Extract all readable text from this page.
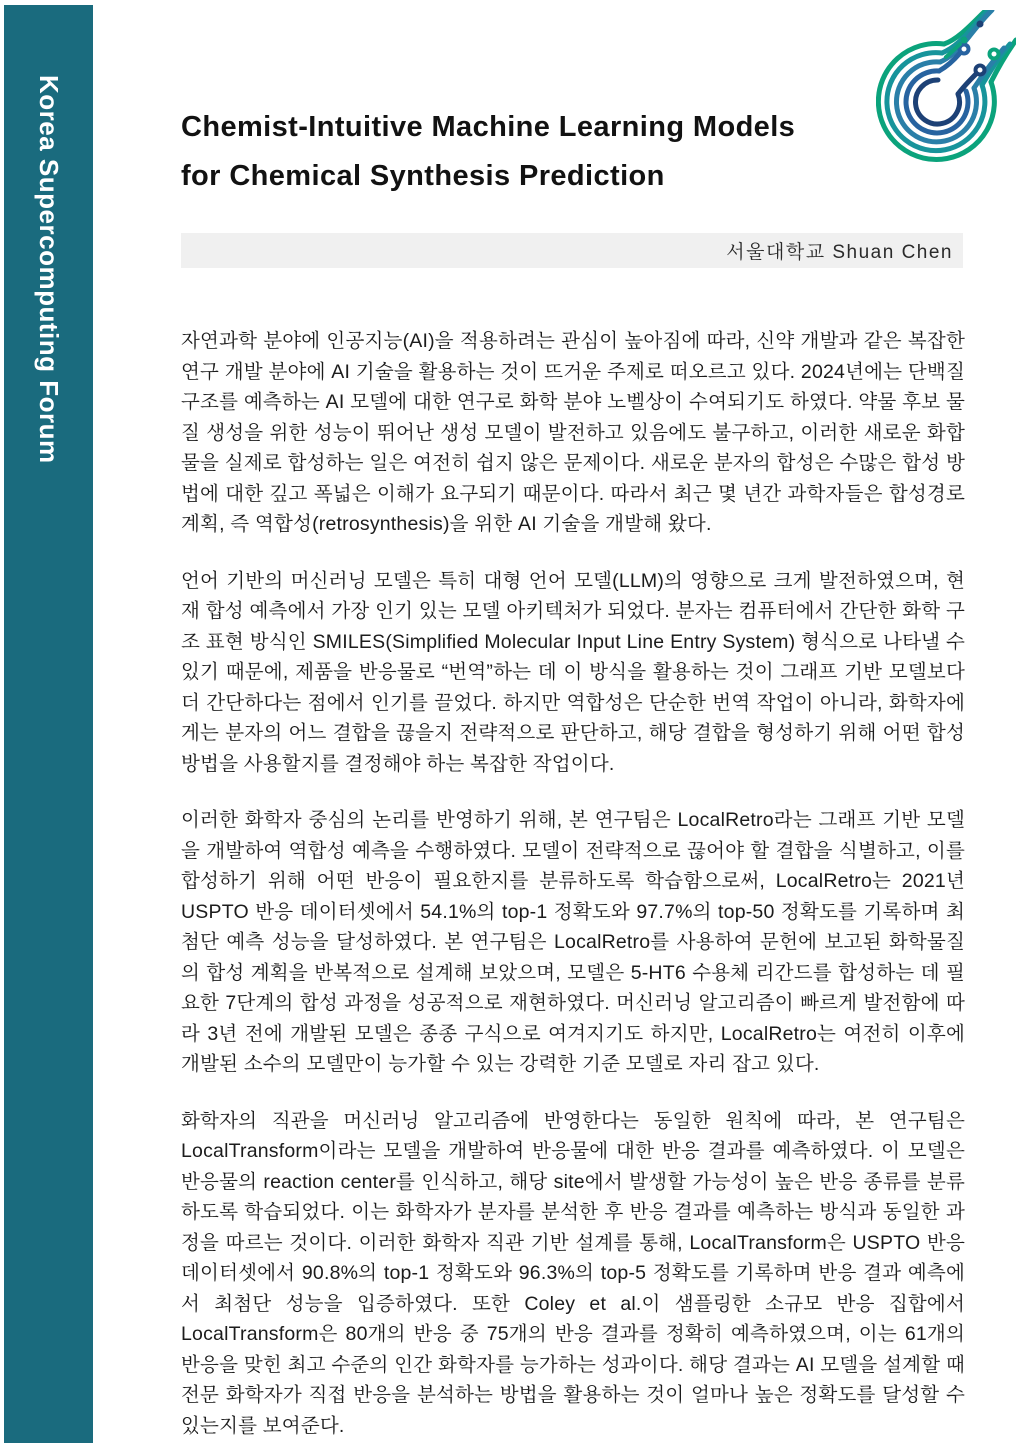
Korea Supercomputing Forum	Chemist-Intuitive Machine Learning Models
for Chemical Synthesis Prediction
서울대학교 Shuan Chen

자연과학 분야에 인공지능(AI)을 적용하려는 관심이 높아짐에 따라, 신약 개발과 같은 복잡한 연구 개발 분야에 AI 기술을 활용하는 것이 뜨거운 주제로 떠오르고 있다. 2024년에는 단백질 구조를 예측하는 AI 모델에 대한 연구로 화학 분야 노벨상이 수여되기도 하였다. 약물 후보 물질 생성을 위한 성능이 뛰어난 생성 모델이 발전하고 있음에도 불구하고, 이러한 새로운 화합물을 실제로 합성하는 일은 여전히 쉽지 않은 문제이다. 새로운 분자의 합성은 수많은 합성 방법에 대한 깊고 폭넓은 이해가 요구되기 때문이다. 따라서 최근 몇 년간 과학자들은 합성경로 계획, 즉 역합성(retrosynthesis)을 위한 AI 기술을 개발해 왔다.

언어 기반의 머신러닝 모델은 특히 대형 언어 모델(LLM)의 영향으로 크게 발전하였으며, 현재 합성 예측에서 가장 인기 있는 모델 아키텍처가 되었다. 분자는 컴퓨터에서 간단한 화학 구조 표현 방식인 SMILES(Simplified Molecular Input Line Entry System) 형식으로 나타낼 수 있기 때문에, 제품을 반응물로 “번역”하는 데 이 방식을 활용하는 것이 그래프 기반 모델보다 더 간단하다는 점에서 인기를 끌었다. 하지만 역합성은 단순한 번역 작업이 아니라, 화학자에게는 분자의 어느 결합을 끊을지 전략적으로 판단하고, 해당 결합을 형성하기 위해 어떤 합성 방법을 사용할지를 결정해야 하는 복잡한 작업이다.

이러한 화학자 중심의 논리를 반영하기 위해, 본 연구팀은 LocalRetro라는 그래프 기반 모델을 개발하여 역합성 예측을 수행하였다. 모델이 전략적으로 끊어야 할 결합을 식별하고, 이를 합성하기 위해 어떤 반응이 필요한지를 분류하도록 학습함으로써, LocalRetro는 2021년 USPTO 반응 데이터셋에서 54.1%의 top-1 정확도와 97.7%의 top-50 정확도를 기록하며 최첨단 예측 성능을 달성하였다. 본 연구팀은 LocalRetro를 사용하여 문헌에 보고된 화학물질의 합성 계획을 반복적으로 설계해 보았으며, 모델은 5-HT6 수용체 리간드를 합성하는 데 필요한 7단계의 합성 과정을 성공적으로 재현하였다. 머신러닝 알고리즘이 빠르게 발전함에 따라 3년 전에 개발된 모델은 종종 구식으로 여겨지기도 하지만, LocalRetro는 여전히 이후에 개발된 소수의 모델만이 능가할 수 있는 강력한 기준 모델로 자리 잡고 있다.

화학자의 직관을 머신러닝 알고리즘에 반영한다는 동일한 원칙에 따라, 본 연구팀은 LocalTransform이라는 모델을 개발하여 반응물에 대한 반응 결과를 예측하였다. 이 모델은 반응물의 reaction center를 인식하고, 해당 site에서 발생할 가능성이 높은 반응 종류를 분류하도록 학습되었다. 이는 화학자가 분자를 분석한 후 반응 결과를 예측하는 방식과 동일한 과정을 따르는 것이다. 이러한 화학자 직관 기반 설계를 통해, LocalTransform은 USPTO 반응 데이터셋에서 90.8%의 top-1 정확도와 96.3%의 top-5 정확도를 기록하며 반응 결과 예측에서 최첨단 성능을 입증하였다. 또한 Coley et al.이 샘플링한 소규모 반응 집합에서 LocalTransform은 80개의 반응 중 75개의 반응 결과를 정확히 예측하였으며, 이는 61개의 반응을 맞힌 최고 수준의 인간 화학자를 능가하는 성과이다. 해당 결과는 AI 모델을 설계할 때 전문 화학자가 직접 반응을 분석하는 방법을 활용하는 것이 얼마나 높은 정확도를 달성할 수 있는지를 보여준다.
